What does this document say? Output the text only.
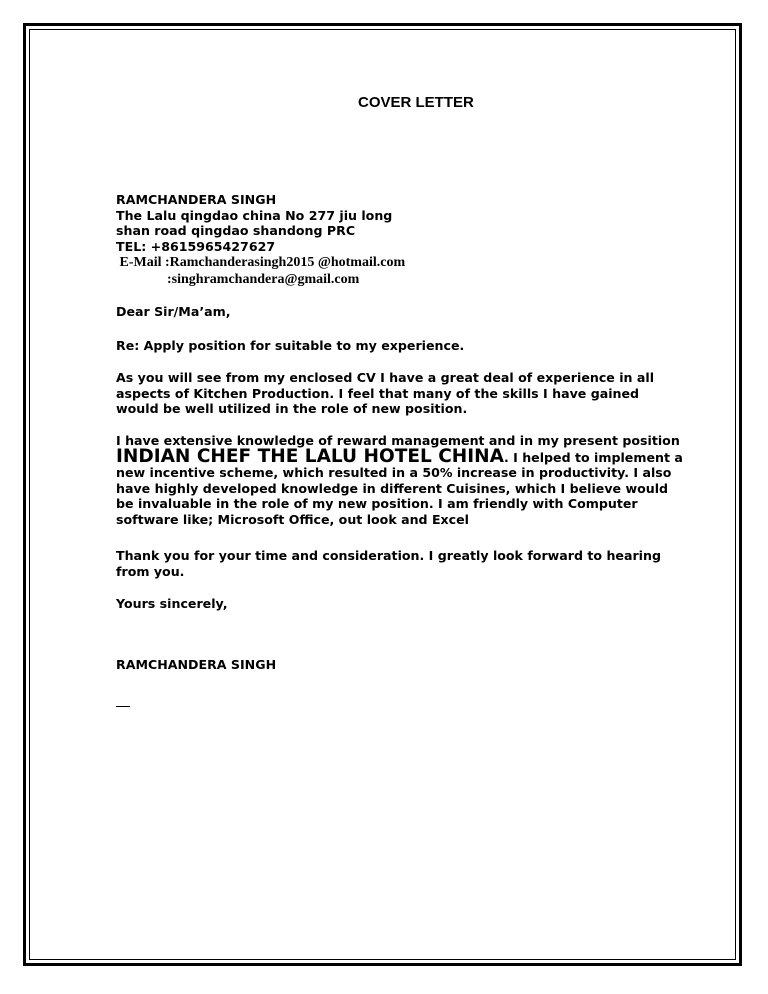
COVER LETTER
RAMCHANDERA SINGH
The Lalu qingdao china No 277 jiu long
shan road qingdao shandong PRC
TEL: +8615965427627
E-Mail :Ramchanderasingh2015 @hotmail.com
:singhramchandera@gmail.com

Dear Sir/Ma’am,

Re: Apply position for suitable to my experience.

As you will see from my enclosed CV I have a great deal of experience in all aspects of Kitchen Production. I feel that many of the skills I have gained would be well utilized in the role of new position.

I have extensive knowledge of reward management and in my present position INDIAN CHEF THE LALU HOTEL CHINA. I helped to implement a new incentive scheme, which resulted in a 50% increase in productivity. I also have highly developed knowledge in different Cuisines, which I believe would be invaluable in the role of my new position. I am friendly with Computer software like; Microsoft Office, out look and Excel

Thank you for your time and consideration. I greatly look forward to hearing from you.

Yours sincerely,

RAMCHANDERA SINGH
